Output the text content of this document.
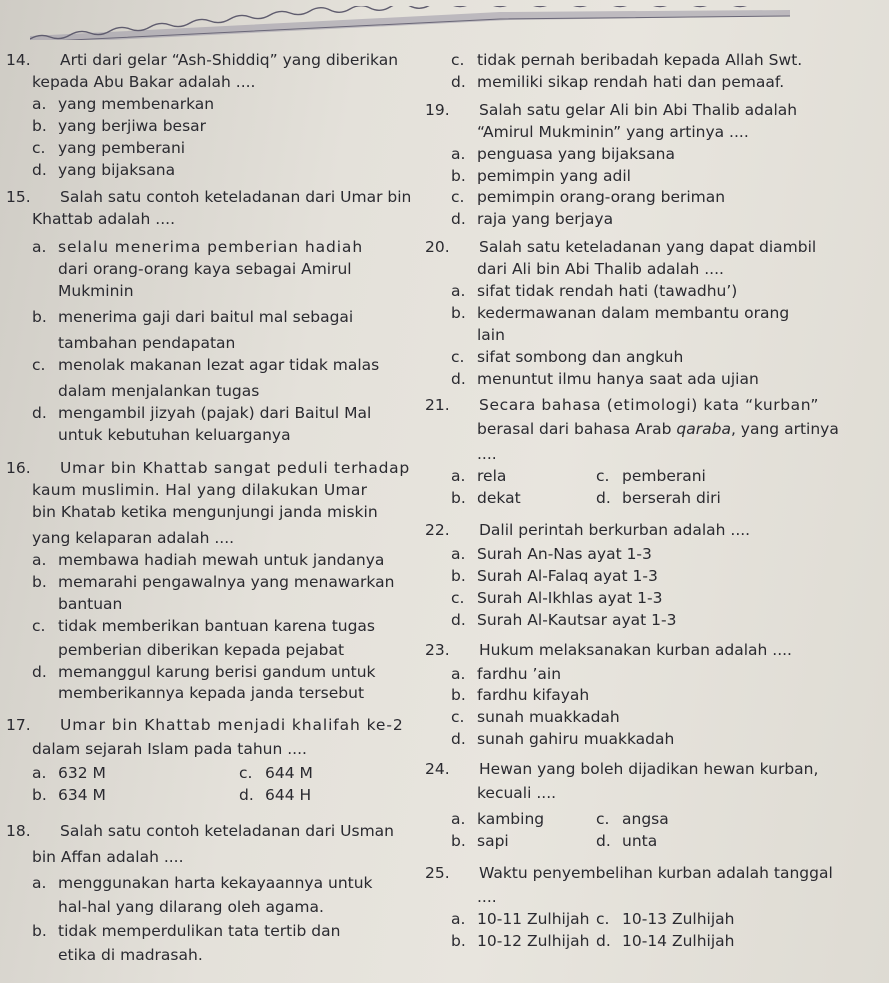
14. Arti dari gelar “Ash-Shiddiq” yang diberikan

kepada Abu Bakar adalah ....

a. yang membenarkan

b. yang berjiwa besar

c. yang pemberani

d. yang bijaksana

15. Salah satu contoh keteladanan dari Umar bin

Khattab adalah ....

a. selalu menerima pemberian hadiah

dari orang-orang kaya sebagai Amirul

Mukminin

b. menerima gaji dari baitul mal sebagai

tambahan pendapatan

c. menolak makanan lezat agar tidak malas

dalam menjalankan tugas

d. mengambil jizyah (pajak) dari Baitul Mal

untuk kebutuhan keluarganya

16. Umar bin Khattab sangat peduli terhadap

kaum muslimin. Hal yang dilakukan Umar

bin Khatab ketika mengunjungi janda miskin

yang kelaparan adalah ....

a. membawa hadiah mewah untuk jandanya

b. memarahi pengawalnya yang menawarkan

bantuan

c. tidak memberikan bantuan karena tugas

pemberian diberikan kepada pejabat

d. memanggul karung berisi gandum untuk

memberikannya kepada janda tersebut

17. Umar bin Khattab menjadi khalifah ke-2

dalam sejarah Islam pada tahun ....

a. 632 M	c. 644 M

b. 634 M	d. 644 H

18. Salah satu contoh keteladanan dari Usman

bin Affan adalah ....

a. menggunakan harta kekayaannya untuk

hal-hal yang dilarang oleh agama.

b. tidak memperdulikan tata tertib dan

etika di madrasah.

c. tidak pernah beribadah kepada Allah Swt.

d. memiliki sikap rendah hati dan pemaaf.

19. Salah satu gelar Ali bin Abi Thalib adalah

“Amirul Mukminin” yang artinya ....

a. penguasa yang bijaksana

b. pemimpin yang adil

c. pemimpin orang-orang beriman

d. raja yang berjaya

20. Salah satu keteladanan yang dapat diambil

dari Ali bin Abi Thalib adalah ....

a. sifat tidak rendah hati (tawadhu’)

b. kedermawanan dalam membantu orang

lain

c. sifat sombong dan angkuh

d. menuntut ilmu hanya saat ada ujian

21. Secara bahasa (etimologi) kata “kurban”

berasal dari bahasa Arab qaraba, yang artinya

....

a. rela	c. pemberani

b. dekat	d. berserah diri

22. Dalil perintah berkurban adalah ....

a. Surah An-Nas ayat 1-3

b. Surah Al-Falaq ayat 1-3

c. Surah Al-Ikhlas ayat 1-3

d. Surah Al-Kautsar ayat 1-3

23. Hukum melaksanakan kurban adalah ....

a. fardhu ’ain

b. fardhu kifayah

c. sunah muakkadah

d. sunah gahiru muakkadah

24. Hewan yang boleh dijadikan hewan kurban,

kecuali ....

a. kambing	c. angsa

b. sapi	d. unta

25. Waktu penyembelihan kurban adalah tanggal

....

a. 10-11 Zulhijah c. 10-13 Zulhijah

b. 10-12 Zulhijah d. 10-14 Zulhijah
